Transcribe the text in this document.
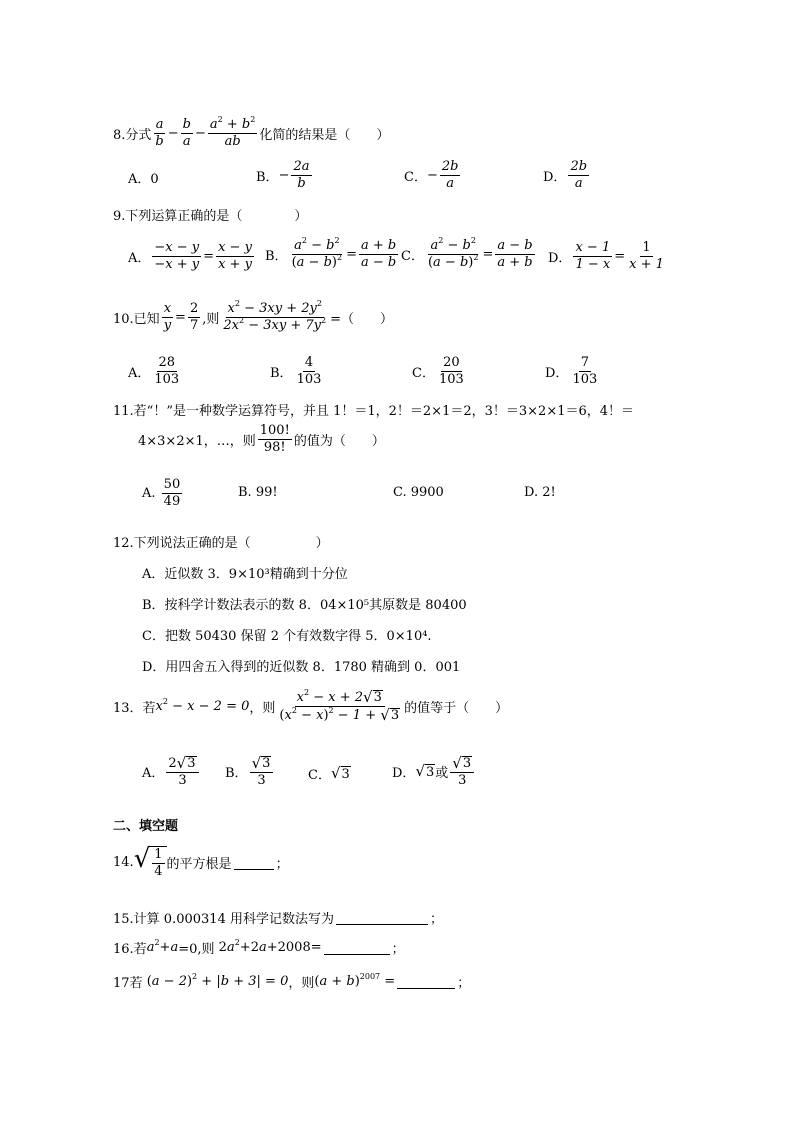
8.分式 $\frac{a}{b} - \frac{b}{a} - \frac{a^2 + b^2}{ab}$ 化简的结果是（　　）
A．0	B． − $\frac{2a}{b}$	C． − $\frac{2b}{a}$	D． $\frac{2b}{a}$
9.下列运算正确的是（　　　　）
A． $\frac{-x - y}{-x + y} = \frac{x - y}{x + y}$ B． $\frac{a^2 - b^2}{(a - b)^2} = \frac{a + b}{a - b}$ C． $\frac{a^2 - b^2}{(a - b)^2} = \frac{a - b}{a + b}$ D． $\frac{x - 1}{1 - x} = \frac{1}{x + 1}$
10.已知 $\frac{x}{y} = \frac{2}{7}$ ,则 $\frac{x^2 - 3xy + 2y^2}{2x^2 - 3xy + 7y^2}$ =（　　）
A． $\frac{28}{103}$	B． $\frac{4}{103}$	C． $\frac{20}{103}$	D． $\frac{7}{103}$
11.若“！”是一种数学运算符号，并且 1！＝1，2！＝2×1＝2，3！＝3×2×1＝6，4！＝
4×3×2×1，…，则 $\frac{100!}{98!}$ 的值为（　　）
A.
$\frac{50}{49}$	B. 99!	C. 9900	D. 2!
12.下列说法正确的是（　　　　　）
A．近似数 3．9×10³精确到十分位
B．按科学计数法表示的数 8．04×10⁵其原数是 80400
C．把数 50430 保留 2 个有效数字得 5．0×10⁴.
D．用四舍五入得到的近似数 8．1780 精确到 0．001
13．若 $x^2 - x - 2 = 0$ ，则 $\frac{x^2 - x + 2 √ 3}{(x^2 - x)^2 - 1 + √ 3}$ 的值等于（　　）
A． $\frac{2 √ 3}{3}$ B． $\frac{√ 3}{3}$	C． √ 3	D． √ 3 或 $\frac{√ 3}{3}$
二、填空题
14. √ $\frac{1}{4}$ 的平方根是	；
15.计算 0.000314 用科学记数法写为	；
16.若 $a^2+a =0$,则
$2a^2+2a+2008$ =	；
17若
$(a - 2)^2 + |b + 3| = 0$ ，则 $(a + b)^{2007}$ =	；
